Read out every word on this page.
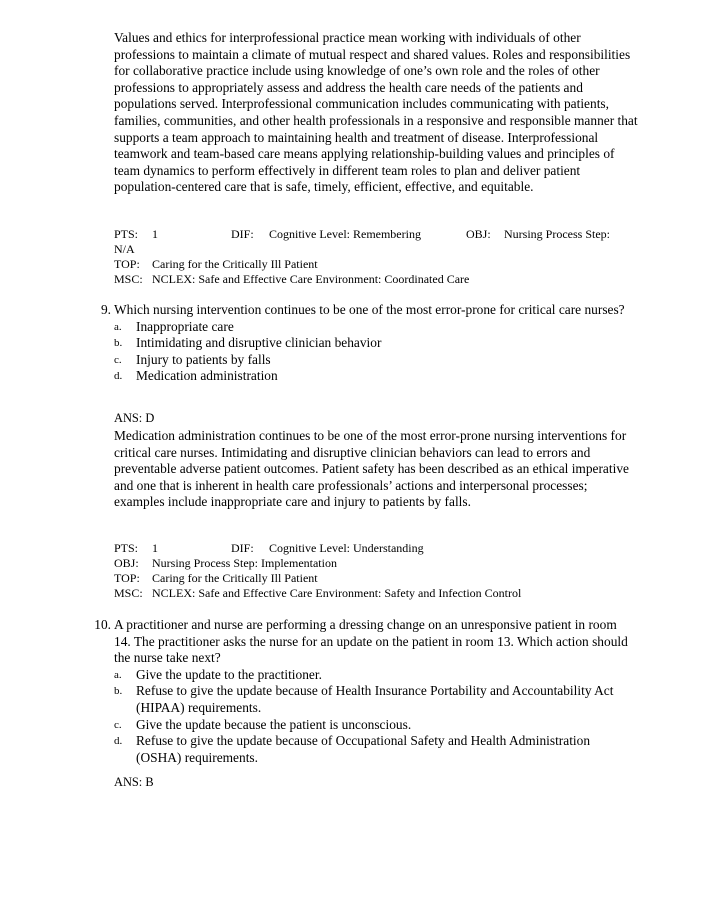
Values and ethics for interprofessional practice mean working with individuals of other professions to maintain a climate of mutual respect and shared values. Roles and responsibilities for collaborative practice include using knowledge of one’s own role and the roles of other professions to appropriately assess and address the health care needs of the patients and populations served. Interprofessional communication includes communicating with patients, families, communities, and other health professionals in a responsive and responsible manner that supports a team approach to maintaining health and treatment of disease. Interprofessional teamwork and team-based care means applying relationship-building values and principles of team dynamics to perform effectively in different team roles to plan and deliver patient population-centered care that is safe, timely, efficient, effective, and equitable.

PTS: 1	DIF: Cognitive Level: Remembering	OBJ: Nursing Process Step:
N/A
TOP: Caring for the Critically Ill Patient
MSC: NCLEX: Safe and Effective Care Environment: Coordinated Care
9. Which nursing intervention continues to be one of the most error-prone for critical care nurses?
a. Inappropriate care
b. Intimidating and disruptive clinician behavior
c. Injury to patients by falls
d. Medication administration
ANS: D

Medication administration continues to be one of the most error-prone nursing interventions for critical care nurses. Intimidating and disruptive clinician behaviors can lead to errors and preventable adverse patient outcomes. Patient safety has been described as an ethical imperative and one that is inherent in health care professionals’ actions and interpersonal processes; examples include inappropriate care and injury to patients by falls.

PTS: 1	DIF: Cognitive Level: Understanding
OBJ: Nursing Process Step: Implementation
TOP: Caring for the Critically Ill Patient
MSC: NCLEX: Safe and Effective Care Environment: Safety and Infection Control
10. A practitioner and nurse are performing a dressing change on an unresponsive patient in room 14. The practitioner asks the nurse for an update on the patient in room 13. Which action should the nurse take next?
a. Give the update to the practitioner.
b. Refuse to give the update because of Health Insurance Portability and Accountability Act (HIPAA) requirements.
c. Give the update because the patient is unconscious.
d. Refuse to give the update because of Occupational Safety and Health Administration (OSHA) requirements.
ANS: B
